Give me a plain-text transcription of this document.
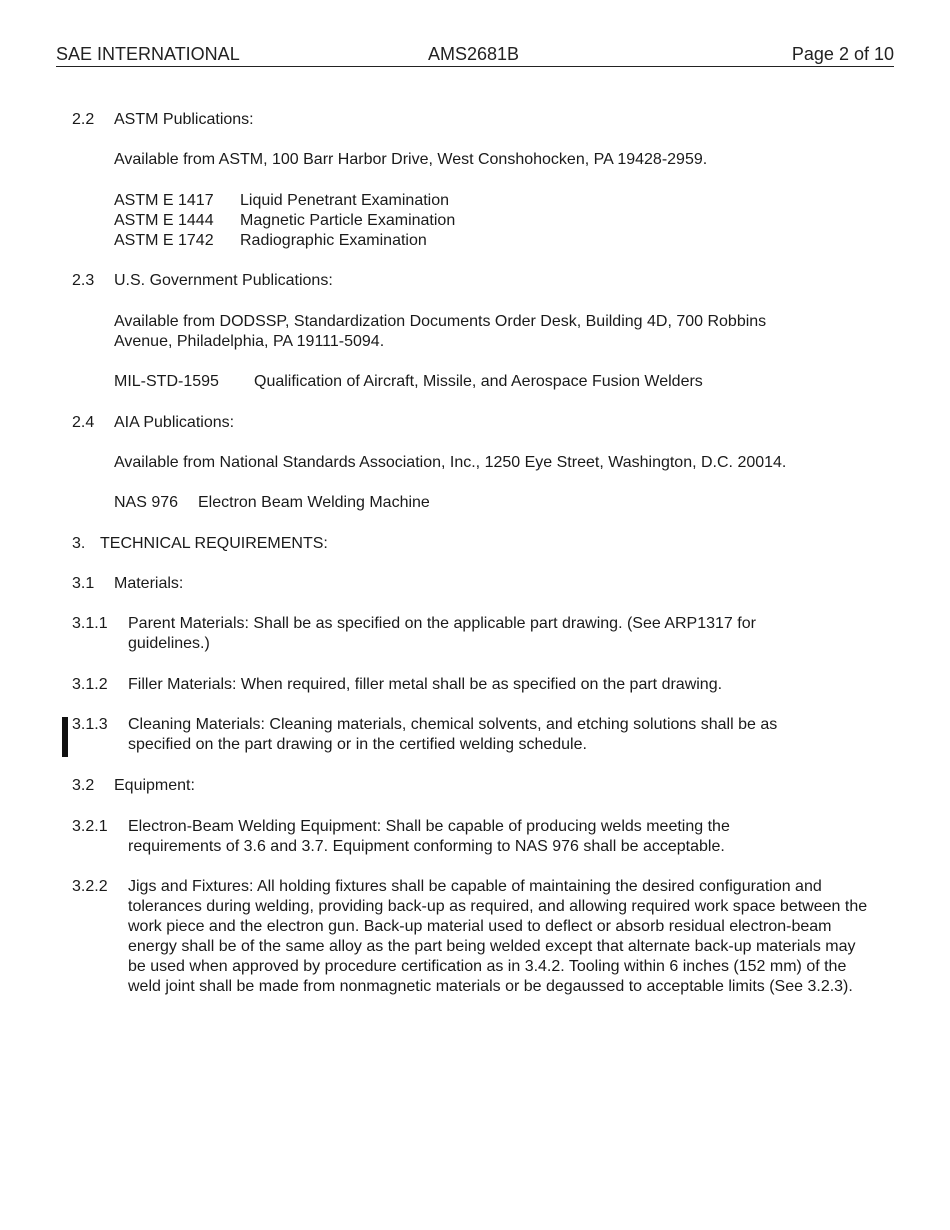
SAE INTERNATIONAL	AMS2681B	Page 2 of 10
2.2 ASTM Publications:
Available from ASTM, 100 Barr Harbor Drive, West Conshohocken, PA 19428-2959.
ASTM E 1417 Liquid Penetrant Examination
ASTM E 1444 Magnetic Particle Examination
ASTM E 1742 Radiographic Examination
2.3 U.S. Government Publications:
Available from DODSSP, Standardization Documents Order Desk, Building 4D, 700 Robbins Avenue, Philadelphia, PA 19111-5094.
MIL-STD-1595 Qualification of Aircraft, Missile, and Aerospace Fusion Welders
2.4 AIA Publications:
Available from National Standards Association, Inc., 1250 Eye Street, Washington, D.C. 20014.
NAS 976 Electron Beam Welding Machine
3. TECHNICAL REQUIREMENTS:
3.1 Materials:
3.1.1 Parent Materials: Shall be as specified on the applicable part drawing. (See ARP1317 for guidelines.)
3.1.2 Filler Materials: When required, filler metal shall be as specified on the part drawing.
3.1.3 Cleaning Materials: Cleaning materials, chemical solvents, and etching solutions shall be as specified on the part drawing or in the certified welding schedule.
3.2 Equipment:
3.2.1 Electron-Beam Welding Equipment: Shall be capable of producing welds meeting the requirements of 3.6 and 3.7. Equipment conforming to NAS 976 shall be acceptable.
3.2.2 Jigs and Fixtures: All holding fixtures shall be capable of maintaining the desired configuration and tolerances during welding, providing back-up as required, and allowing required work space between the work piece and the electron gun. Back-up material used to deflect or absorb residual electron-beam energy shall be of the same alloy as the part being welded except that alternate back-up materials may be used when approved by procedure certification as in 3.4.2. Tooling within 6 inches (152 mm) of the weld joint shall be made from nonmagnetic materials or be degaussed to acceptable limits (See 3.2.3).
